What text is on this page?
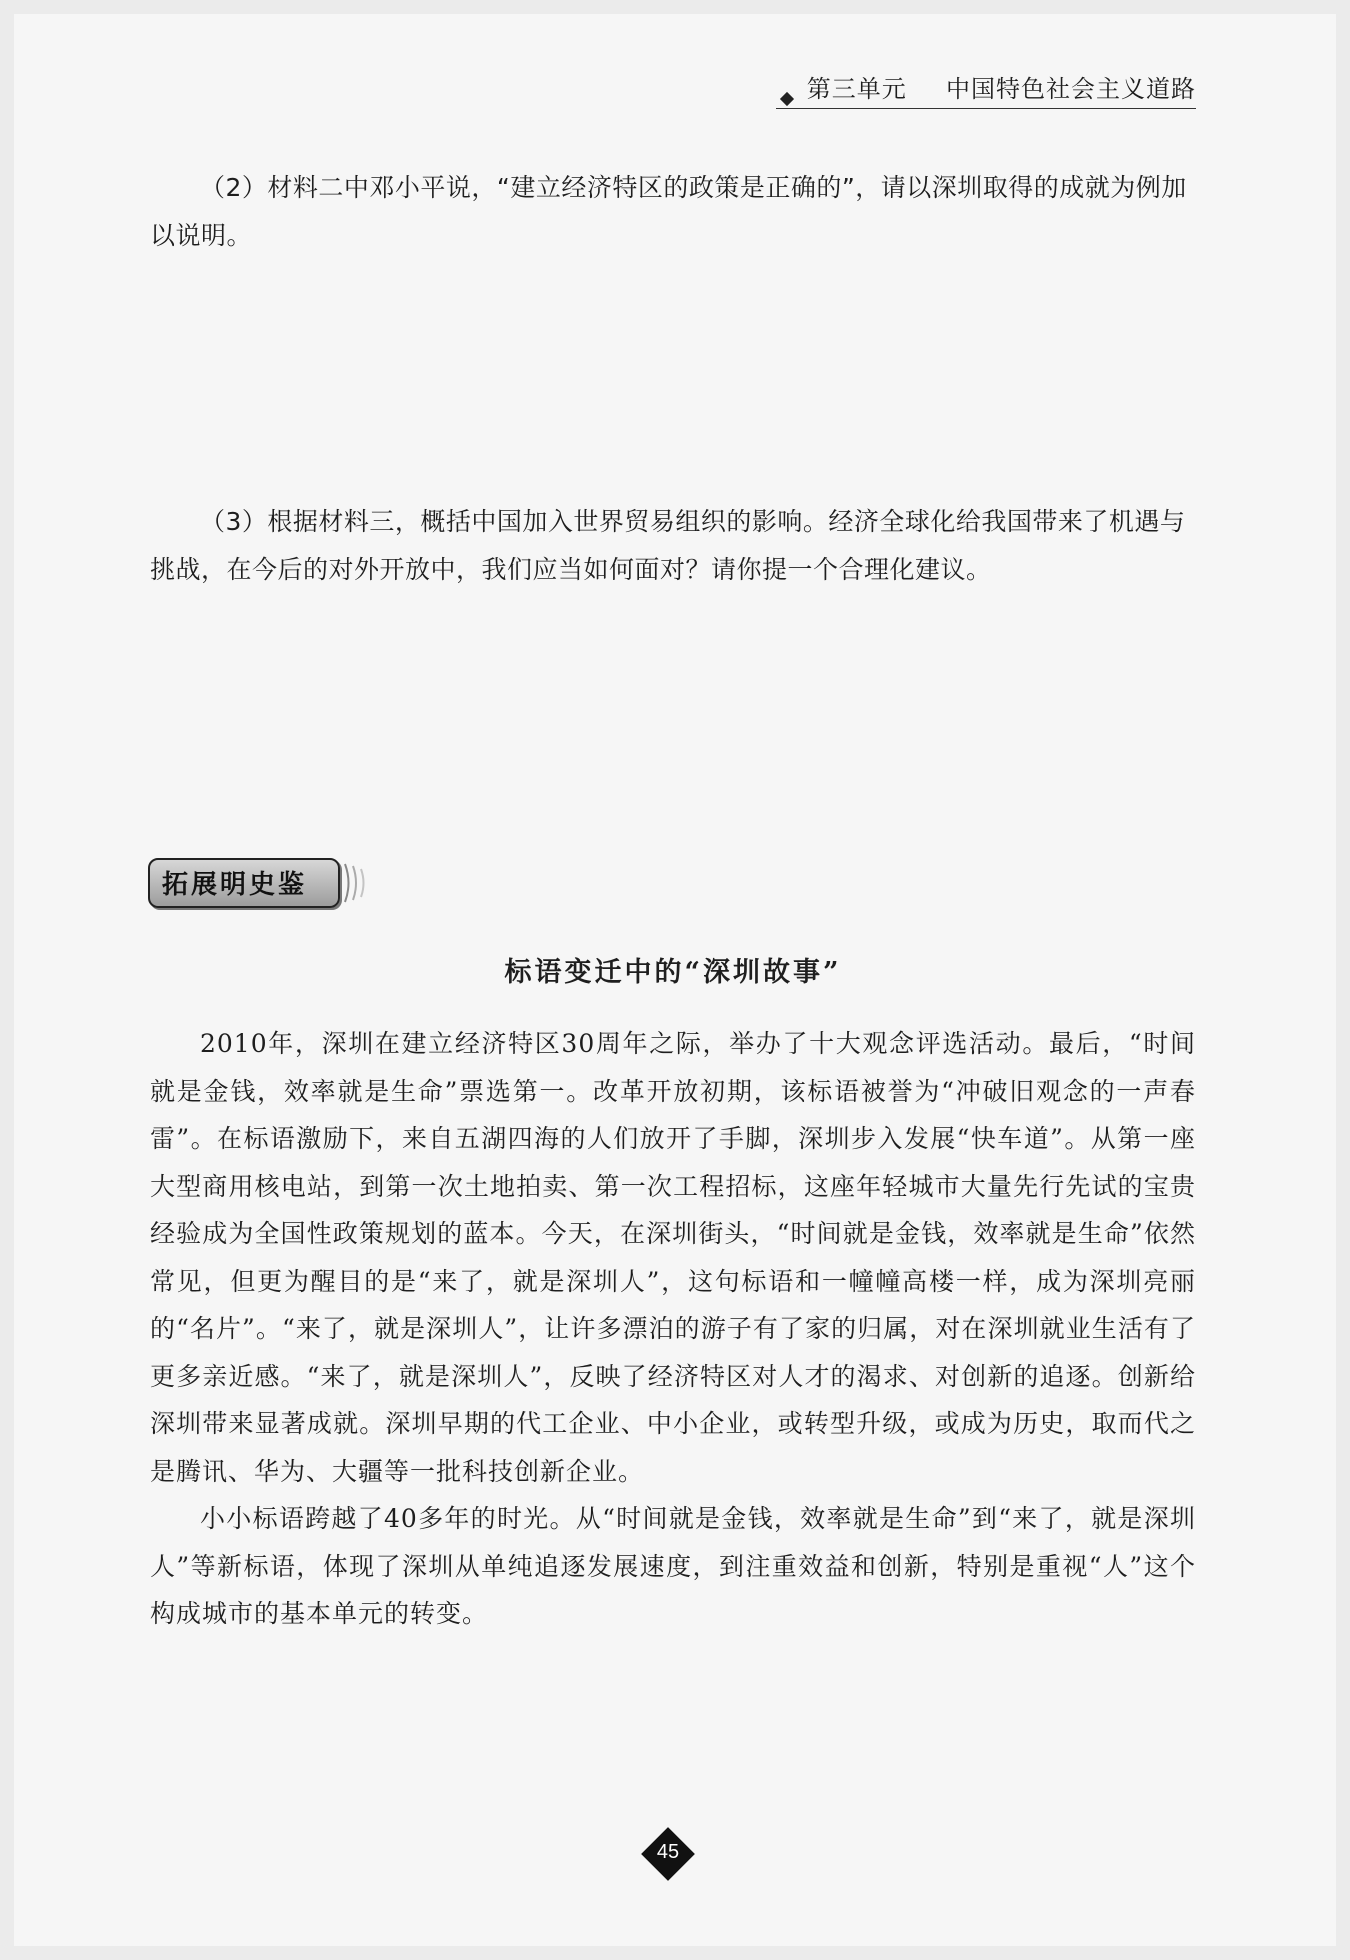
第三单元 中国特色社会主义道路

（2）材料二中邓小平说，“建立经济特区的政策是正确的”，请以深圳取得的成就为例加以说明。

（3）根据材料三，概括中国加入世界贸易组织的影响。经济全球化给我国带来了机遇与挑战，在今后的对外开放中，我们应当如何面对？请你提一个合理化建议。

拓展明史鉴
标语变迁中的“深圳故事”

2010年，深圳在建立经济特区30周年之际，举办了十大观念评选活动。最后，“时间就是金钱，效率就是生命”票选第一。改革开放初期，该标语被誉为“冲破旧观念的一声春雷”。在标语激励下，来自五湖四海的人们放开了手脚，深圳步入发展“快车道”。从第一座大型商用核电站，到第一次土地拍卖、第一次工程招标，这座年轻城市大量先行先试的宝贵经验成为全国性政策规划的蓝本。今天，在深圳街头，“时间就是金钱，效率就是生命”依然常见，但更为醒目的是“来了，就是深圳人”，这句标语和一幢幢高楼一样，成为深圳亮丽的“名片”。“来了，就是深圳人”，让许多漂泊的游子有了家的归属，对在深圳就业生活有了更多亲近感。“来了，就是深圳人”，反映了经济特区对人才的渴求、对创新的追逐。创新给深圳带来显著成就。深圳早期的代工企业、中小企业，或转型升级，或成为历史，取而代之是腾讯、华为、大疆等一批科技创新企业。

小小标语跨越了40多年的时光。从“时间就是金钱，效率就是生命”到“来了，就是深圳人”等新标语，体现了深圳从单纯追逐发展速度，到注重效益和创新，特别是重视“人”这个构成城市的基本单元的转变。

45
